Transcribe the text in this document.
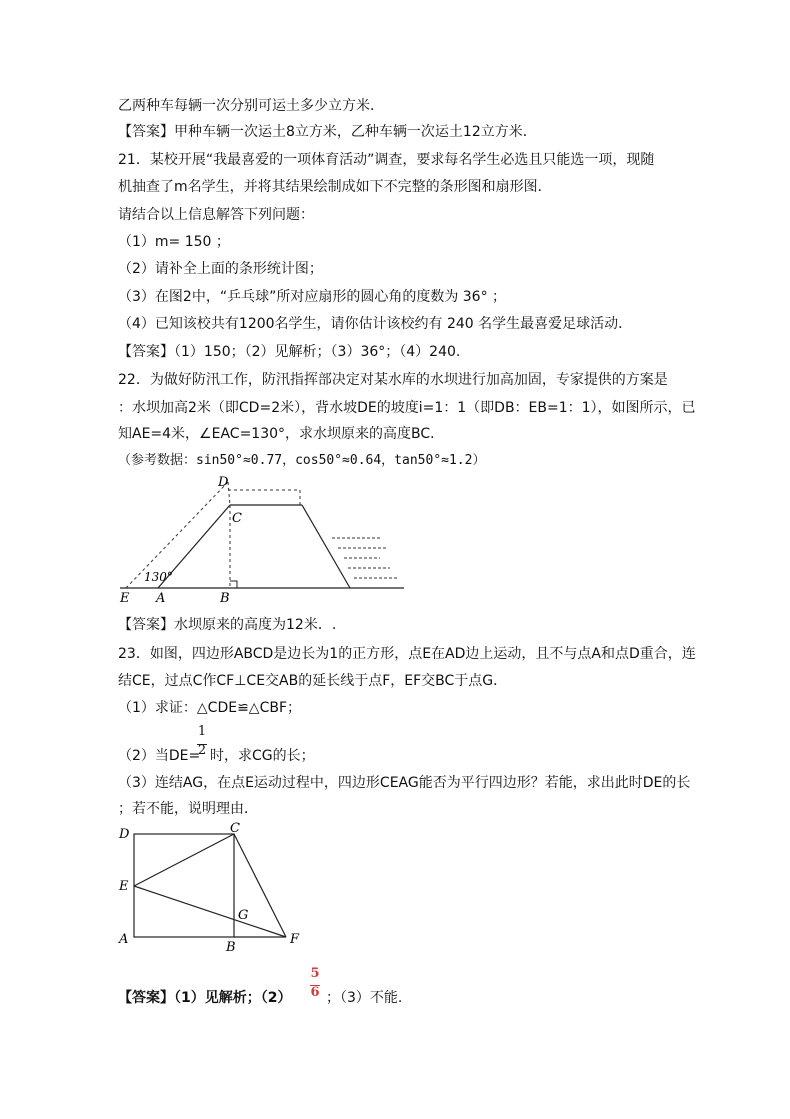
乙两种车每辆一次分别可运土多少立方米．
【答案】甲种车辆一次运土8立方米，乙种车辆一次运土12立方米．
21．某校开展“我最喜爱的一项体育活动”调查，要求每名学生必选且只能选一项，现随
机抽查了m名学生，并将其结果绘制成如下不完整的条形图和扇形图．
请结合以上信息解答下列问题：
（1）m= 150 ；
（2）请补全上面的条形统计图；
（3）在图2中，“乒乓球”所对应扇形的圆心角的度数为 36° ；
（4）已知该校共有1200名学生，请你估计该校约有 240 名学生最喜爱足球活动．
【答案】（1）150；（2）见解析；（3）36°；（4）240.
22．为做好防汛工作，防汛指挥部决定对某水库的水坝进行加高加固，专家提供的方案是
：水坝加高2米（即CD=2米），背水坡DE的坡度i=1：1（即DB：EB=1：1），如图所示，已
知AE=4米，∠EAC=130°，求水坝原来的高度BC．
（参考数据：sin50°≈0.77，cos50°≈0.64，tan50°≈1.2）
D
C
E A	B
130°
【答案】水坝原来的高度为12米．.
23．如图，四边形ABCD是边长为1的正方形，点E在AD边上运动，且不与点A和点D重合，连
结CE，过点C作CF⊥CE交AB的延长线于点F，EF交BC于点G．
（1）求证：△CDE≌△CBF；
（2）当DE=
1
2 时，求CG的长；
（3）连结AG，在点E运动过程中，四边形CEAG能否为平行四边形？若能，求出此时DE的长
；若不能，说明理由．
D	C
E
G
A
B
F
【答案】（1）见解析；（2）
5
6 ；（3）不能.
